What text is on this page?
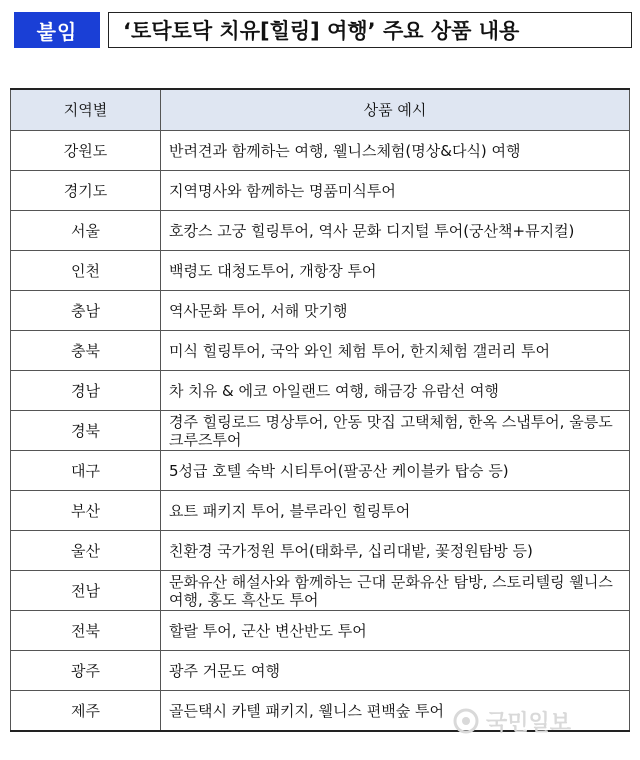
붙임 ‘토닥토닥 치유[힐링] 여행’ 주요 상품 내용
지역별	상품 예시
강원도	반려견과 함께하는 여행, 웰니스체험(명상&다식) 여행
경기도	지역명사와 함께하는 명품미식투어
서울	호캉스 고궁 힐링투어, 역사 문화 디지털 투어(궁산책+뮤지컬)
인천	백령도 대청도투어, 개항장 투어
충남	역사문화 투어, 서해 맛기행
충북	미식 힐링투어, 국악 와인 체험 투어, 한지체험 갤러리 투어
경남	차 치유 & 에코 아일랜드 여행, 해금강 유람선 여행
경북	경주 힐링로드 명상투어, 안동 맛집 고택체험, 한옥 스냅투어, 울릉도 크루즈투어
대구	5성급 호텔 숙박 시티투어(팔공산 케이블카 탑승 등)
부산	요트 패키지 투어, 블루라인 힐링투어
울산	친환경 국가정원 투어(태화루, 십리대밭, 꽃정원탐방 등)
전남	문화유산 해설사와 함께하는 근대 문화유산 탐방, 스토리텔링 웰니스 여행, 홍도 흑산도 투어
전북	할랄 투어, 군산 변산반도 투어
광주	광주 거문도 여행
제주	골든택시 카텔 패키지, 웰니스 편백숲 투어 국민일보
